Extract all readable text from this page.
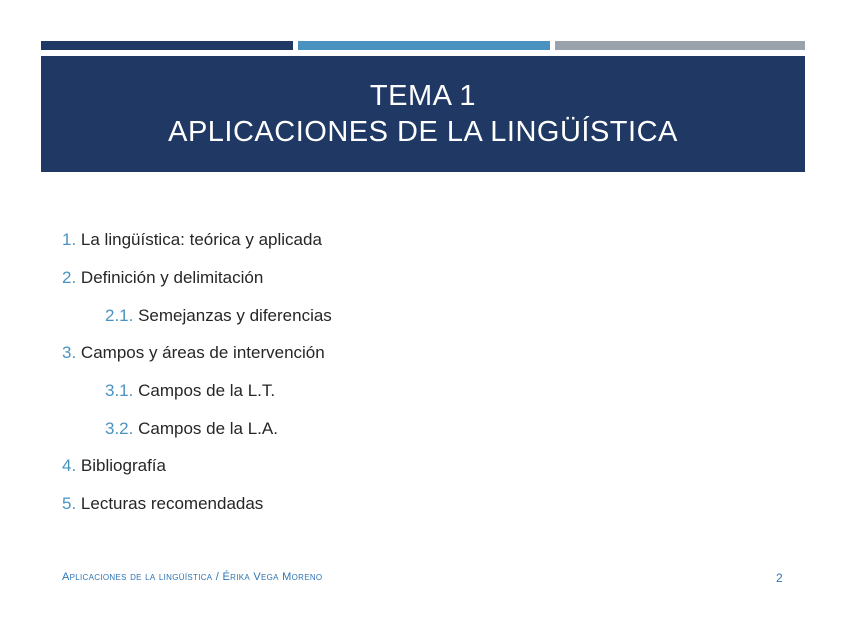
TEMA 1
APLICACIONES DE LA LINGÜÍSTICA
1. La lingüística: teórica y aplicada
2. Definición y delimitación
2.1. Semejanzas y diferencias
3. Campos y áreas de intervención
3.1. Campos de la L.T.
3.2. Campos de la L.A.
4. Bibliografía
5. Lecturas recomendadas
Aplicaciones de la lingüística / Érika Vega Moreno	2
